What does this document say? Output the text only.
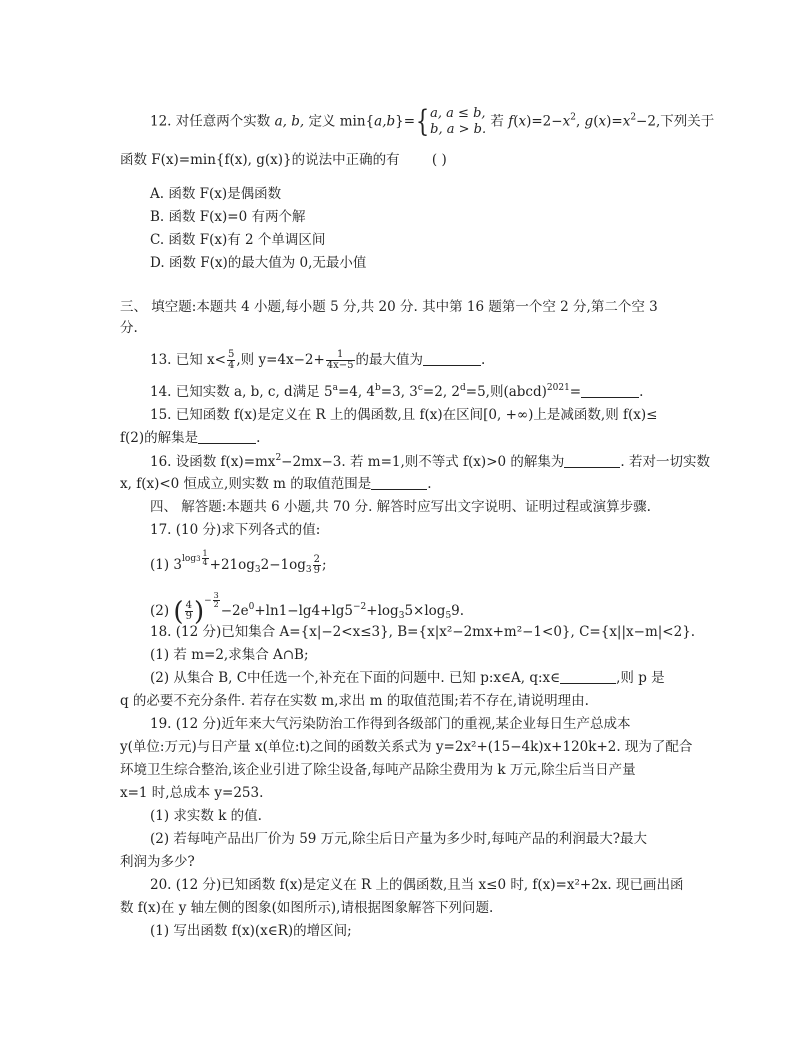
12. 对任意两个实数 a, b, 定义 min{a,b}={ a, a ≤ b,
b, a > b. 若 $f(x)=2-x^2$, $g(x)=x^2-2$,下列关于
函数 F(x)=min{f(x), g(x)}的说法中正确的有 ( )
A. 函数 F(x)是偶函数
B. 函数 F(x)=0 有两个解
C. 函数 F(x)有 2 个单调区间
D. 函数 F(x)的最大值为 0,无最小值
三、 填空题:本题共 4 小题,每小题 5 分,共 20 分. 其中第 16 题第一个空 2 分,第二个空 3
分.
13. 已知 $x< \frac{5}{4}$ ,则 $y=4x-2+ \frac{1}{4x-5}$ 的最大值为	.
14. 已知实数 a, b, c, d满足 $5^a=4$, $4^b=3$, $3^c=2$, $2^d=5$,则(abcd)$^{2021}$=	.
15. 已知函数 f(x)是定义在 R 上的偶函数,且 f(x)在区间[0, +∞)上是减函数,则 f(x)≤
f(2)的解集是	.
16. 设函数 $f(x)=mx^2-2mx-3$. 若 m=1,则不等式 f(x)>0 的解集为	. 若对一切实数
x, f(x)<0 恒成立,则实数 m 的取值范围是	.
四、 解答题:本题共 6 小题,共 70 分. 解答时应写出文字说明、证明过程或演算步骤.
17. (10 分)求下列各式的值:
(1) $3^{log3 \frac{1}{4}} +21og_32-1og_3 \frac{2}{9}$ ;
(2) ( $\frac{4}{9} )^{- \frac{3}{2}}$
$-2e^0+\ln 1-\lg 4+\lg 5^{-2}+\log_35\times\log_59$.
18. (12 分)已知集合 A={x|−2<x≤3}, B={x|x²−2mx+m²−1<0}, C={x||x−m|<2}.
(1) 若 m=2,求集合 A∩B;
(2) 从集合 B, C中任选一个,补充在下面的问题中. 已知 p:x∈A, q:x∈	,则 p 是
q 的必要不充分条件. 若存在实数 m,求出 m 的取值范围;若不存在,请说明理由.
19. (12 分)近年来大气污染防治工作得到各级部门的重视,某企业每日生产总成本
y(单位:万元)与日产量 x(单位:t)之间的函数关系式为 y=2x²+(15−4k)x+120k+2. 现为了配合
环境卫生综合整治,该企业引进了除尘设备,每吨产品除尘费用为 k 万元,除尘后当日产量
x=1 时,总成本 y=253.
(1) 求实数 k 的值.
(2) 若每吨产品出厂价为 59 万元,除尘后日产量为多少时,每吨产品的利润最大?最大
利润为多少?
20. (12 分)已知函数 f(x)是定义在 R 上的偶函数,且当 x≤0 时, f(x)=x²+2x. 现已画出函
数 f(x)在 y 轴左侧的图象(如图所示),请根据图象解答下列问题.
(1) 写出函数 f(x)(x∈R)的增区间;
